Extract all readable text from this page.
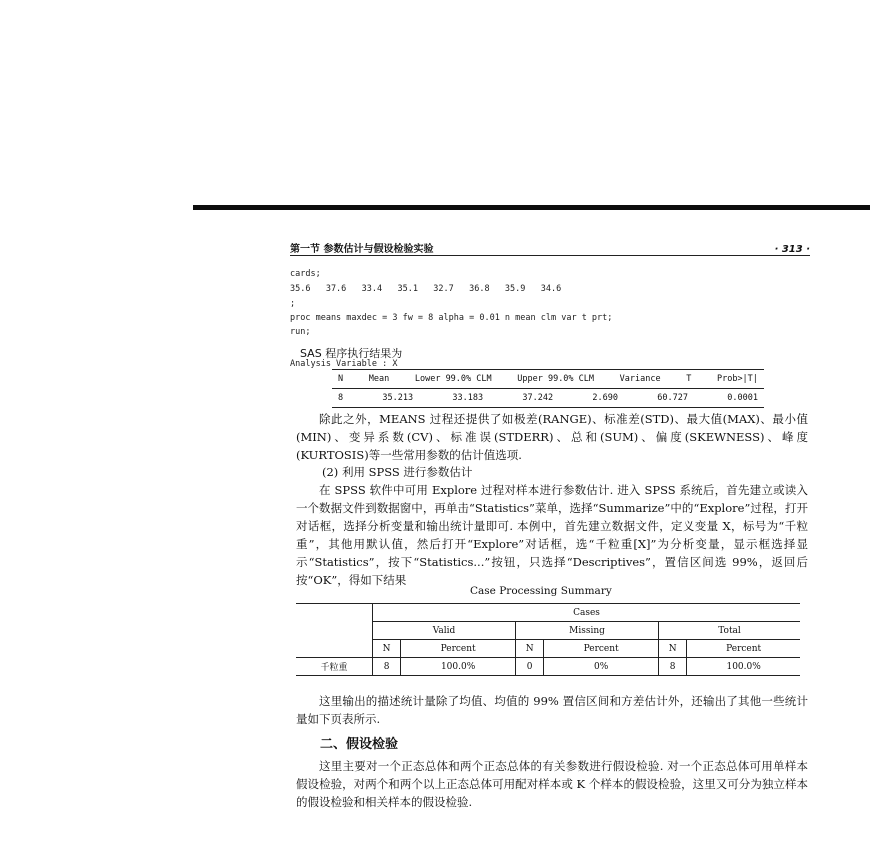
第一节 参数估计与假设检验实验	· 313 ·
cards;
35.6   37.6   33.4   35.1   32.7   36.8   35.9   34.6
;
proc means maxdec = 3 fw = 8 alpha = 0.01 n mean clm var t prt;
run;
SAS 程序执行结果为
Analysis Variable : X
N	Mean	Lower 99.0% CLM	Upper 99.0% CLM	Variance	T	Prob>|T|
8	35.213	33.183	37.242	2.690	60.727	0.0001
除此之外，MEANS 过程还提供了如极差(RANGE)、标准差(STD)、最大值(MAX)、最小值(MIN)、变异系数(CV)、标准误(STDERR)、总和(SUM)、偏度(SKEWNESS)、峰度(KURTOSIS)等一些常用参数的估计值选项.
(2) 利用 SPSS 进行参数估计
在 SPSS 软件中可用 Explore 过程对样本进行参数估计. 进入 SPSS 系统后，首先建立或读入一个数据文件到数据窗中，再单击“Statistics”菜单，选择“Summarize”中的“Explore”过程，打开对话框，选择分析变量和输出统计量即可. 本例中，首先建立数据文件，定义变量 X，标号为“千粒重”，其他用默认值，然后打开“Explore”对话框，选“千粒重[X]”为分析变量，显示框选择显示“Statistics”，按下“Statistics...”按钮，只选择“Descriptives”，置信区间选 99%，返回后按“OK”，得如下结果
Case Processing Summary
	Cases					
	Valid		Missing		Total	
	N	Percent	N	Percent	N	Percent
千粒重	8	100.0%	0	0%	8	100.0%
这里输出的描述统计量除了均值、均值的 99% 置信区间和方差估计外，还输出了其他一些统计量如下页表所示.
二、假设检验
这里主要对一个正态总体和两个正态总体的有关参数进行假设检验. 对一个正态总体可用单样本假设检验，对两个和两个以上正态总体可用配对样本或 K 个样本的假设检验，这里又可分为独立样本的假设检验和相关样本的假设检验.
